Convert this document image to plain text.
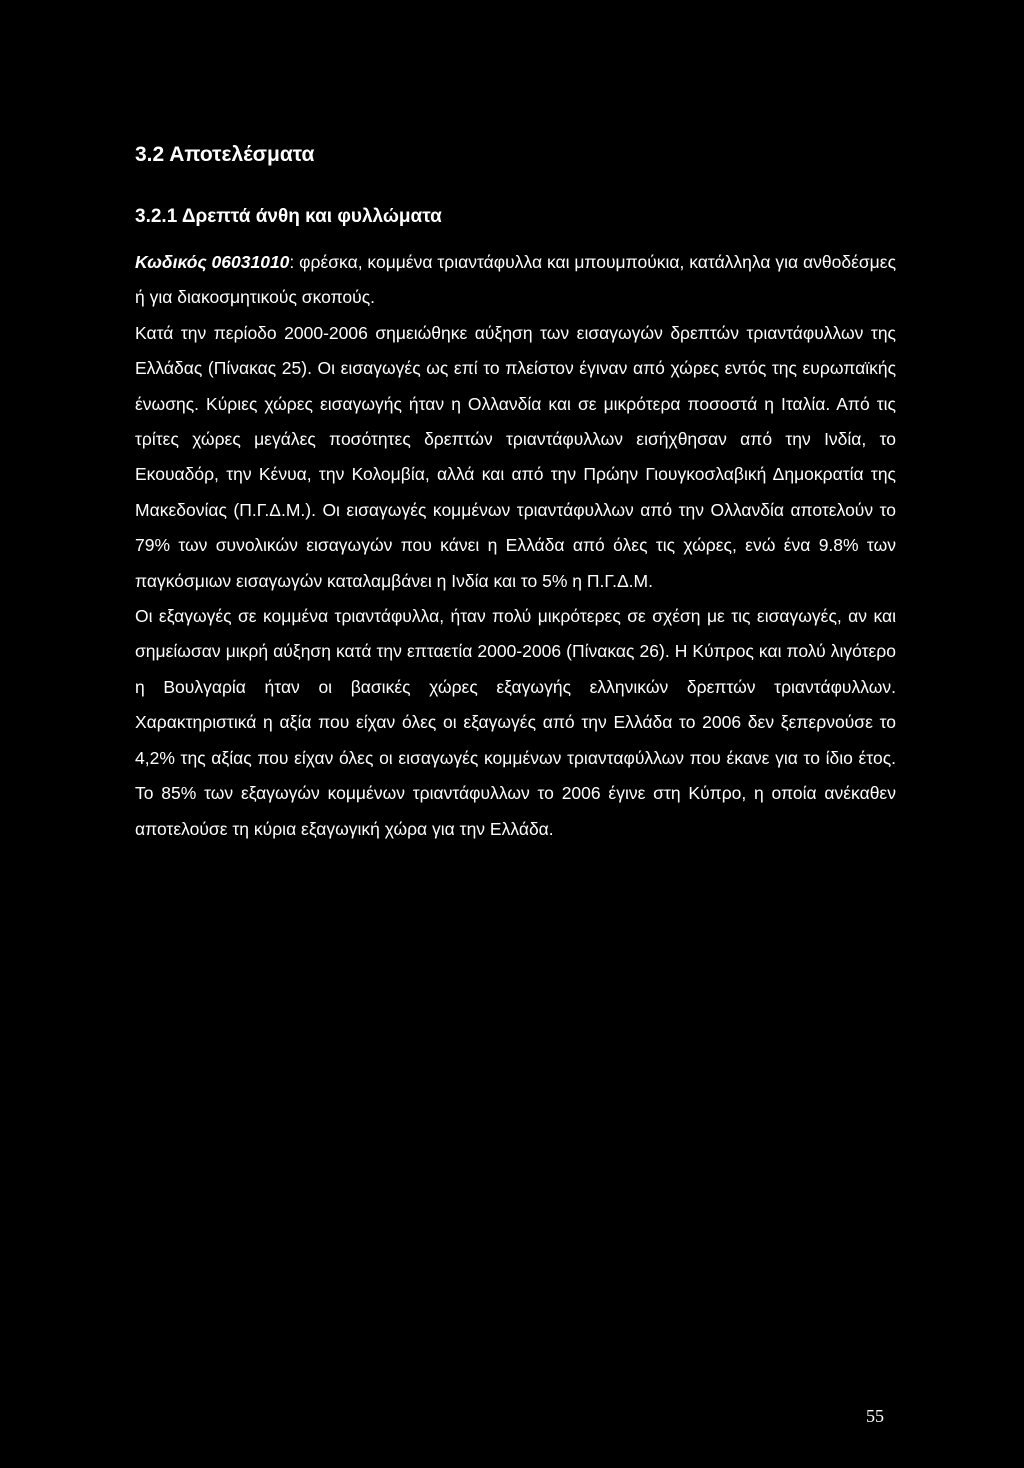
3.2 Αποτελέσματα
3.2.1 Δρεπτά άνθη και φυλλώματα

Κωδικός 06031010: φρέσκα, κομμένα τριαντάφυλλα και μπουμπούκια, κατάλληλα για ανθοδέσμες ή για διακοσμητικούς σκοπούς.

Κατά την περίοδο 2000-2006 σημειώθηκε αύξηση των εισαγωγών δρεπτών τριαντάφυλλων της Ελλάδας (Πίνακας 25). Οι εισαγωγές ως επί το πλείστον έγιναν από χώρες εντός της ευρωπαϊκής ένωσης. Κύριες χώρες εισαγωγής ήταν η Ολλανδία και σε μικρότερα ποσοστά η Ιταλία. Από τις τρίτες χώρες μεγάλες ποσότητες δρεπτών τριαντάφυλλων εισήχθησαν από την Ινδία, το Εκουαδόρ, την Κένυα, την Κολομβία, αλλά και από την Πρώην Γιουγκοσλαβική Δημοκρατία της Μακεδονίας (Π.Γ.Δ.Μ.). Οι εισαγωγές κομμένων τριαντάφυλλων από την Ολλανδία αποτελούν το 79% των συνολικών εισαγωγών που κάνει η Ελλάδα από όλες τις χώρες, ενώ ένα 9.8% των παγκόσμιων εισαγωγών καταλαμβάνει η Ινδία και το 5% η Π.Γ.Δ.Μ.

Οι εξαγωγές σε κομμένα τριαντάφυλλα, ήταν πολύ μικρότερες σε σχέση με τις εισαγωγές, αν και σημείωσαν μικρή αύξηση κατά την επταετία 2000-2006 (Πίνακας 26). Η Κύπρος και πολύ λιγότερο η Βουλγαρία ήταν οι βασικές χώρες εξαγωγής ελληνικών δρεπτών τριαντάφυλλων. Χαρακτηριστικά η αξία που είχαν όλες οι εξαγωγές από την Ελλάδα το 2006 δεν ξεπερνούσε το 4,2% της αξίας που είχαν όλες οι εισαγωγές κομμένων τριανταφύλλων που έκανε για το ίδιο έτος. Το 85% των εξαγωγών κομμένων τριαντάφυλλων το 2006 έγινε στη Κύπρο, η οποία ανέκαθεν αποτελούσε τη κύρια εξαγωγική χώρα για την Ελλάδα.

55
